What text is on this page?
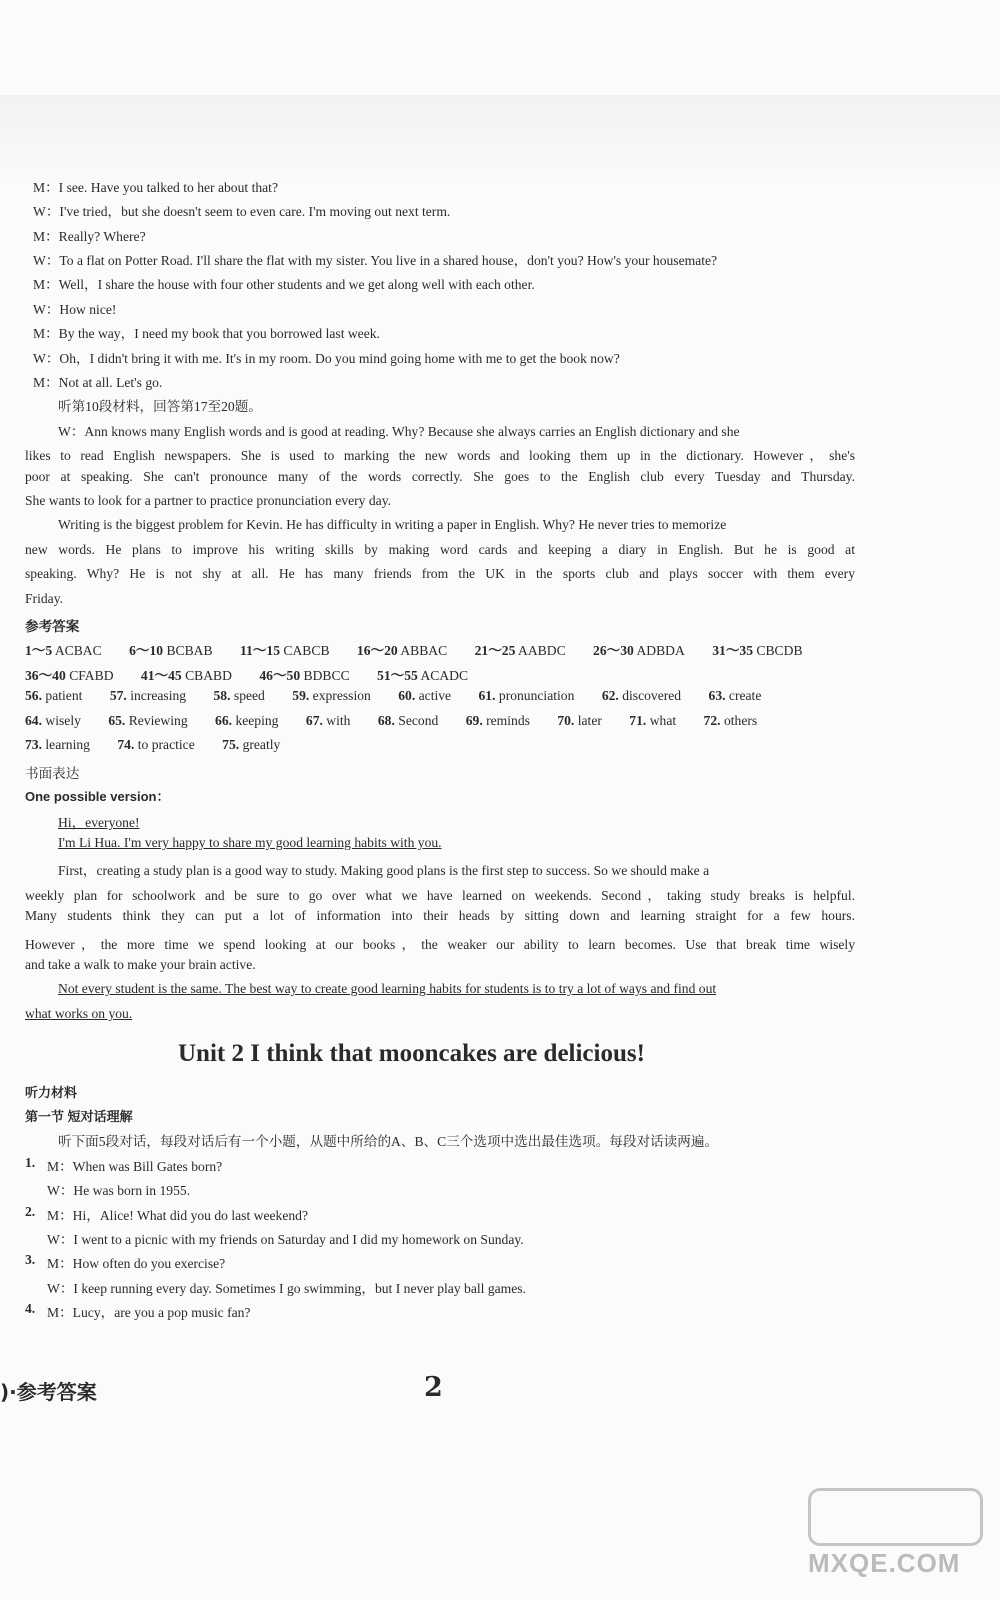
M：I see. Have you talked to her about that?
W：I've tried，but she doesn't seem to even care. I'm moving out next term.
M：Really? Where?
W：To a flat on Potter Road. I'll share the flat with my sister. You live in a shared house，don't you? How's your housemate?
M：Well，I share the house with four other students and we get along well with each other.
W：How nice!
M：By the way，I need my book that you borrowed last week.
W：Oh，I didn't bring it with me. It's in my room. Do you mind going home with me to get the book now?
M：Not at all. Let's go.
听第10段材料，回答第17至20题。
W：Ann knows many English words and is good at reading. Why? Because she always carries an English dictionary and she
likes to read English newspapers. She is used to marking the new words and looking them up in the dictionary. However，she's
poor at speaking. She can't pronounce many of the words correctly. She goes to the English club every Tuesday and Thursday.
She wants to look for a partner to practice pronunciation every day.
Writing is the biggest problem for Kevin. He has difficulty in writing a paper in English. Why? He never tries to memorize
new words. He plans to improve his writing skills by making word cards and keeping a diary in English. But he is good at
speaking. Why? He is not shy at all. He has many friends from the UK in the sports club and plays soccer with them every
Friday.
参考答案
1～5 ACBAC 6～10 BCBAB 11～15 CABCB 16～20 ABBAC 21～25 AABDC 26～30 ADBDA 31～35 CBCDB
36～40 CFABD 41～45 CBABD 46～50 BDBCC 51～55 ACADC
56. patient 57. increasing 58. speed 59. expression 60. active 61. pronunciation 62. discovered 63. create
64. wisely 65. Reviewing 66. keeping 67. with 68. Second 69. reminds 70. later 71. what 72. others
73. learning 74. to practice 75. greatly
书面表达
One possible version：
Hi，everyone!
I'm Li Hua. I'm very happy to share my good learning habits with you.
First，creating a study plan is a good way to study. Making good plans is the first step to success. So we should make a
weekly plan for schoolwork and be sure to go over what we have learned on weekends. Second，taking study breaks is helpful.
Many students think they can put a lot of information into their heads by sitting down and learning straight for a few hours.
However，the more time we spend looking at our books，the weaker our ability to learn becomes. Use that break time wisely
and take a walk to make your brain active.
Not every student is the same. The best way to create good learning habits for students is to try a lot of ways and find out
what works on you.
听力材料
第一节 短对话理解
听下面5段对话，每段对话后有一个小题，从题中所给的A、B、C三个选项中选出最佳选项。每段对话读两遍。
1. M：When was Bill Gates born?
W：He was born in 1955.
2. M：Hi，Alice! What did you do last weekend?
W：I went to a picnic with my friends on Saturday and I did my homework on Sunday.
3. M：How often do you exercise?
W：I keep running every day. Sometimes I go swimming，but I never play ball games.
4. M：Lucy，are you a pop music fan?
Unit 2 I think that mooncakes are delicious!
)·参考答案	2
MXQE.COM
